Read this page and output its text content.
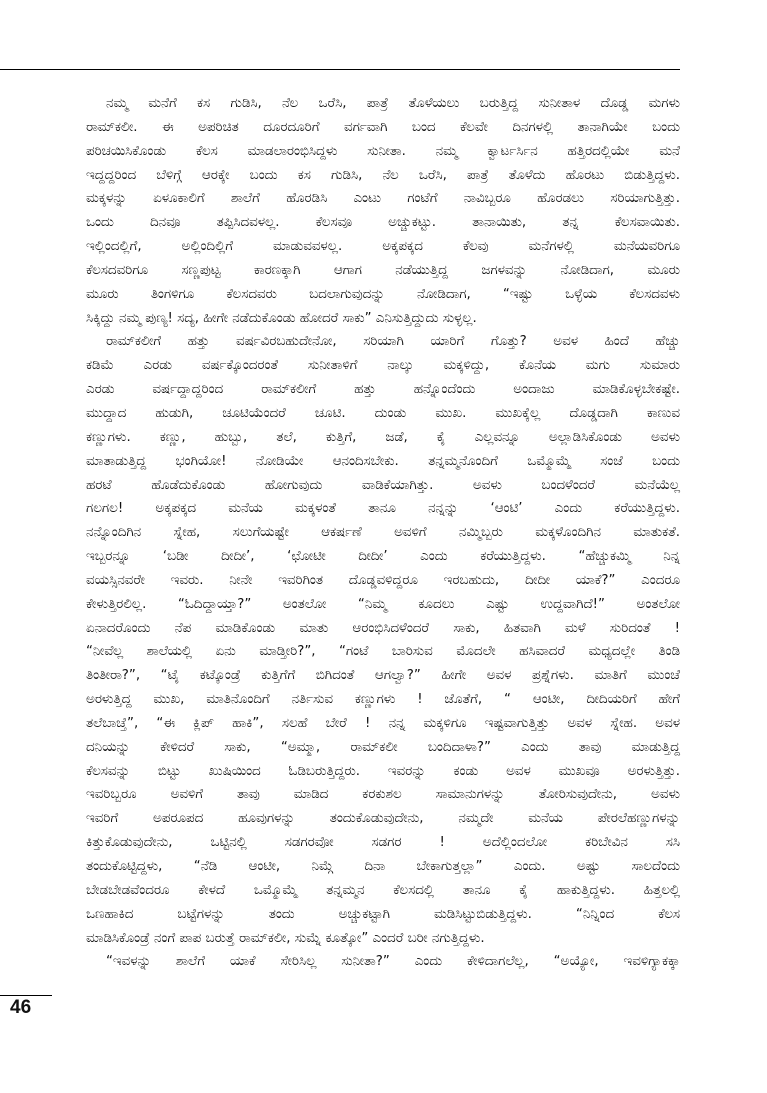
ನಮ್ಮ ಮನೆಗೆ ಕಸ ಗುಡಿಸಿ, ನೆಲ ಒರೆಸಿ, ಪಾತ್ರೆ ತೊಳೆಯಲು ಬರುತ್ತಿದ್ದ ಸುನೀತಾಳ ದೊಡ್ಡ ಮಗಳು
ರಾಮ್‌ಕಲೀ. ಈ ಅಪರಿಚಿತ ದೂರದೂರಿಗೆ ವರ್ಗವಾಗಿ ಬಂದ ಕೆಲವೇ ದಿನಗಳಲ್ಲಿ ತಾನಾಗಿಯೇ ಬಂದು
ಪರಿಚಯಿಸಿಕೊಂಡು ಕೆಲಸ ಮಾಡಲಾರಂಭಿಸಿದ್ದಳು ಸುನೀತಾ. ನಮ್ಮ ಕ್ವಾರ್ಟರ್ಸಿನ ಹತ್ತಿರದಲ್ಲಿಯೇ ಮನೆ
ಇದ್ದದ್ದರಿಂದ ಬೆಳಿಗ್ಗೆ ಆರಕ್ಕೇ ಬಂದು ಕಸ ಗುಡಿಸಿ, ನೆಲ ಒರೆಸಿ, ಪಾತ್ರೆ ತೊಳೆದು ಹೊರಟು ಬಿಡುತ್ತಿದ್ದಳು.
ಮಕ್ಕಳನ್ನು ಏಳೂಕಾಲಿಗೆ ಶಾಲೆಗೆ ಹೊರಡಿಸಿ ಎಂಟು ಗಂಟೆಗೆ ನಾವಿಬ್ಬರೂ ಹೊರಡಲು ಸರಿಯಾಗುತ್ತಿತ್ತು.
ಒಂದು ದಿನವೂ ತಪ್ಪಿಸಿದವಳಲ್ಲ. ಕೆಲಸವೂ ಅಚ್ಚುಕಟ್ಟು. ತಾನಾಯಿತು, ತನ್ನ ಕೆಲಸವಾಯಿತು.
ಇಲ್ಲಿಂದಲ್ಲಿಗೆ, ಅಲ್ಲಿಂದಿಲ್ಲಿಗೆ ಮಾಡುವವಳಲ್ಲ. ಅಕ್ಕಪಕ್ಕದ ಕೆಲವು ಮನೆಗಳಲ್ಲಿ ಮನೆಯವರಿಗೂ
ಕೆಲಸದವರಿಗೂ ಸಣ್ಣಪುಟ್ಟ ಕಾರಣಕ್ಕಾಗಿ ಆಗಾಗ ನಡೆಯುತ್ತಿದ್ದ ಜಗಳವನ್ನು ನೋಡಿದಾಗ, ಮೂರು
ಮೂರು ತಿಂಗಳಿಗೂ ಕೆಲಸದವರು ಬದಲಾಗುವುದನ್ನು ನೋಡಿದಾಗ, “ಇಷ್ಟು ಒಳ್ಳೆಯ ಕೆಲಸದವಳು
ಸಿಕ್ಕಿದ್ದು ನಮ್ಮ ಪುಣ್ಯ! ಸದ್ಯ, ಹೀಗೇ ನಡೆದುಕೊಂಡು ಹೋದರೆ ಸಾಕು” ಎನಿಸುತ್ತಿದ್ದುದು ಸುಳ್ಳಲ್ಲ.

ರಾಮ್‌ಕಲೀಗೆ ಹತ್ತು ವರ್ಷವಿರಬಹುದೇನೋ, ಸರಿಯಾಗಿ ಯಾರಿಗೆ ಗೊತ್ತು? ಅವಳ ಹಿಂದೆ ಹೆಚ್ಚು
ಕಡಿಮೆ ಎರಡು ವರ್ಷಕ್ಕೊಂದರಂತೆ ಸುನೀತಾಳಿಗೆ ನಾಲ್ಕು ಮಕ್ಕಳಿದ್ದು, ಕೊನೆಯ ಮಗು ಸುಮಾರು
ಎರಡು ವರ್ಷದ್ದಾದ್ದರಿಂದ ರಾಮ್‌ಕಲೀಗೆ ಹತ್ತು ಹನ್ನೊಂದೆಂದು ಅಂದಾಜು ಮಾಡಿಕೊಳ್ಳಬೇಕಷ್ಟೇ.
ಮುದ್ದಾದ ಹುಡುಗಿ, ಚೂಟಿಯೆಂದರೆ ಚೂಟಿ. ದುಂಡು ಮುಖ. ಮುಖಕ್ಕೆಲ್ಲ ದೊಡ್ಡದಾಗಿ ಕಾಣುವ
ಕಣ್ಣುಗಳು. ಕಣ್ಣು, ಹುಬ್ಬು, ತಲೆ, ಕುತ್ತಿಗೆ, ಜಡೆ, ಕೈ ಎಲ್ಲವನ್ನೂ ಅಲ್ಲಾಡಿಸಿಕೊಂಡು ಅವಳು
ಮಾತಾಡುತ್ತಿದ್ದ ಭಂಗಿಯೋ! ನೋಡಿಯೇ ಆನಂದಿಸಬೇಕು. ತನ್ನಮ್ಮನೊಂದಿಗೆ ಒಮ್ಮೊಮ್ಮೆ ಸಂಜೆ ಬಂದು
ಹರಟೆ ಹೊಡೆದುಕೊಂಡು ಹೋಗುವುದು ವಾಡಿಕೆಯಾಗಿತ್ತು. ಅವಳು ಬಂದಳೆಂದರೆ ಮನೆಯೆಲ್ಲ
ಗಲಗಲ! ಅಕ್ಕಪಕ್ಕದ ಮನೆಯ ಮಕ್ಕಳಂತೆ ತಾನೂ ನನ್ನನ್ನು ‘ಆಂಟಿ’ ಎಂದು ಕರೆಯುತ್ತಿದ್ದಳು.
ನನ್ನೊಂದಿಗಿನ ಸ್ನೇಹ, ಸಲುಗೆಯಷ್ಟೇ ಆಕರ್ಷಣೆ ಅವಳಿಗೆ ನಮ್ಮಿಬ್ಬರು ಮಕ್ಕಳೊಂದಿಗಿನ ಮಾತುಕತೆ.
ಇಬ್ಬರನ್ನೂ ‘ಬಡೀ ದೀದೀ’, ‘ಛೋಟೀ ದೀದೀ’ ಎಂದು ಕರೆಯುತ್ತಿದ್ದಳು. “ಹೆಚ್ಚುಕಮ್ಮಿ ನಿನ್ನ
ವಯಸ್ಸಿನವರೇ ಇವರು. ನೀನೇ ಇವರಿಗಿಂತ ದೊಡ್ಡವಳಿದ್ದರೂ ಇರಬಹುದು, ದೀದೀ ಯಾಕೆ?” ಎಂದರೂ
ಕೇಳುತ್ತಿರಲಿಲ್ಲ. “ಓದಿದ್ದಾಯ್ತಾ?” ಅಂತಲೋ “ನಿಮ್ಮ ಕೂದಲು ಎಷ್ಟು ಉದ್ದವಾಗಿದೆ!” ಅಂತಲೋ
ಏನಾದರೊಂದು ನೆಪ ಮಾಡಿಕೊಂಡು ಮಾತು ಆರಂಭಿಸಿದಳೆಂದರೆ ಸಾಕು, ಹಿತವಾಗಿ ಮಳೆ ಸುರಿದಂತೆ !
“ನೀವೆಲ್ಲ ಶಾಲೆಯಲ್ಲಿ ಏನು ಮಾಡ್ತೀರಿ?”, “ಗಂಟೆ ಬಾರಿಸುವ ಮೊದಲೇ ಹಸಿವಾದರೆ ಮಧ್ಯದಲ್ಲೇ ತಿಂಡಿ
ತಿಂತೀರಾ?”, “ಟೈ ಕಟ್ಕೊಂಡ್ರೆ ಕುತ್ತಿಗೆಗೆ ಬಿಗಿದಂತೆ ಆಗಲ್ವಾ?” ಹೀಗೇ ಅವಳ ಪ್ರಶ್ನೆಗಳು. ಮಾತಿಗೆ ಮುಂಚೆ
ಅರಳುತ್ತಿದ್ದ ಮುಖ, ಮಾತಿನೊಂದಿಗೆ ನರ್ತಿಸುವ ಕಣ್ಣುಗಳು ! ಜೊತೆಗೆ, “ ಆಂಟೀ, ದೀದಿಯರಿಗೆ ಹೇಗೆ
ತಲೆಬಾಚ್ತೆ”, “ಈ ಕ್ಲಿಪ್ ಹಾಕಿ”, ಸಲಹೆ ಬೇರೆ ! ನನ್ನ ಮಕ್ಕಳಿಗೂ ಇಷ್ಟವಾಗುತ್ತಿತ್ತು ಅವಳ ಸ್ನೇಹ. ಅವಳ
ದನಿಯನ್ನು ಕೇಳಿದರೆ ಸಾಕು, “ಅಮ್ಮಾ, ರಾಮ್‌ಕಲೀ ಬಂದಿದಾಳಾ?” ಎಂದು ತಾವು ಮಾಡುತ್ತಿದ್ದ
ಕೆಲಸವನ್ನು ಬಿಟ್ಟು ಖುಷಿಯಿಂದ ಓಡಿಬರುತ್ತಿದ್ದರು. ಇವರನ್ನು ಕಂಡು ಅವಳ ಮುಖವೂ ಅರಳುತ್ತಿತ್ತು.
ಇವರಿಬ್ಬರೂ ಅವಳಿಗೆ ತಾವು ಮಾಡಿದ ಕರಕುಶಲ ಸಾಮಾನುಗಳನ್ನು ತೋರಿಸುವುದೇನು, ಅವಳು
ಇವರಿಗೆ ಅಪರೂಪದ ಹೂವುಗಳನ್ನು ತಂದುಕೊಡುವುದೇನು, ನಮ್ಮದೇ ಮನೆಯ ಪೇರಲೆಹಣ್ಣುಗಳನ್ನು
ಕಿತ್ತುಕೊಡುವುದೇನು, ಒಟ್ಟಿನಲ್ಲಿ ಸಡಗರವೋ ಸಡಗರ ! ಅದೆಲ್ಲಿಂದಲೋ ಕರಿಬೇವಿನ ಸಸಿ
ತಂದುಕೊಟ್ಟಿದ್ದಳು, “ನೆಡಿ ಆಂಟೀ, ನಿಮ್ಗೆ ದಿನಾ ಬೇಕಾಗುತ್ತಲ್ಲಾ” ಎಂದು. ಅಷ್ಟು ಸಾಲದೆಂದು
ಬೇಡಬೇಡವೆಂದರೂ ಕೇಳದೆ ಒಮ್ಮೊಮ್ಮೆ ತನ್ನಮ್ಮನ ಕೆಲಸದಲ್ಲಿ ತಾನೂ ಕೈ ಹಾಕುತ್ತಿದ್ದಳು. ಹಿತ್ತಲಲ್ಲಿ
ಒಣಹಾಕಿದ ಬಟ್ಟೆಗಳನ್ನು ತಂದು ಅಚ್ಚುಕಟ್ಟಾಗಿ ಮಡಿಸಿಟ್ಟುಬಿಡುತ್ತಿದ್ದಳು. “ನಿನ್ನಿಂದ ಕೆಲಸ
ಮಾಡಿಸಿಕೊಂಡ್ರೆ ನಂಗೆ ಪಾಪ ಬರುತ್ತೆ ರಾಮ್‌ಕಲೀ, ಸುಮ್ನೆ ಕೂತ್ಕೋ” ಎಂದರೆ ಬರೀ ನಗುತ್ತಿದ್ದಳು.

“ಇವಳನ್ನು ಶಾಲೆಗೆ ಯಾಕೆ ಸೇರಿಸಿಲ್ಲ ಸುನೀತಾ?” ಎಂದು ಕೇಳಿದಾಗಲೆಲ್ಲ, “ಅಯ್ಯೋ, ಇವಳಿಗ್ಯಾಕಕ್ಕಾ

46
